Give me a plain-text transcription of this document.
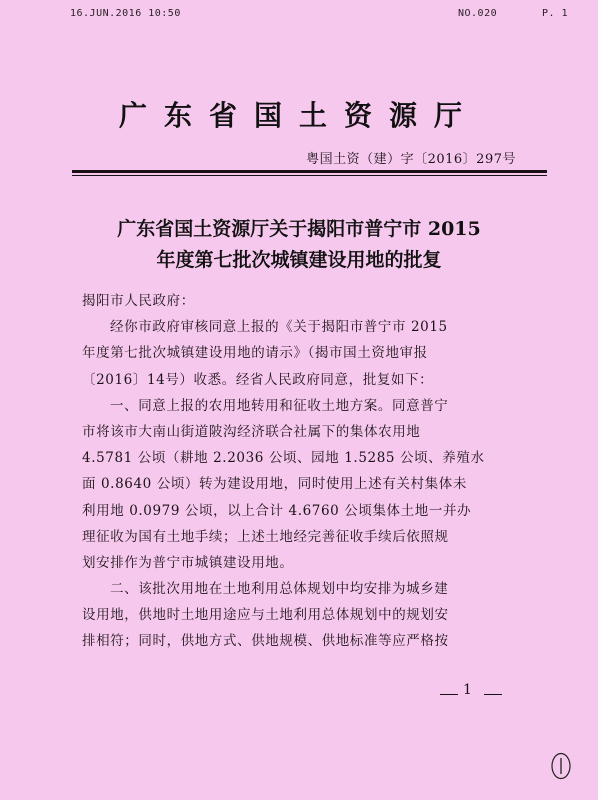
16.JUN.2016 10:50	NO.020	P. 1
广东省国土资源厅
粤国土资（建）字〔2016〕297号
广东省国土资源厅关于揭阳市普宁市 2015
年度第七批次城镇建设用地的批复
揭阳市人民政府：
经你市政府审核同意上报的《关于揭阳市普宁市 2015
年度第七批次城镇建设用地的请示》（揭市国土资地审报
〔2016〕14号）收悉。经省人民政府同意，批复如下：
一、同意上报的农用地转用和征收土地方案。同意普宁
市将该市大南山街道陂沟经济联合社属下的集体农用地
4.5781 公顷（耕地 2.2036 公顷、园地 1.5285 公顷、养殖水
面 0.8640 公顷）转为建设用地，同时使用上述有关村集体未
利用地 0.0979 公顷，以上合计 4.6760 公顷集体土地一并办
理征收为国有土地手续；上述土地经完善征收手续后依照规
划安排作为普宁市城镇建设用地。
二、该批次用地在土地利用总体规划中均安排为城乡建
设用地，供地时土地用途应与土地利用总体规划中的规划安
排相符；同时，供地方式、供地规模、供地标准等应严格按
1
